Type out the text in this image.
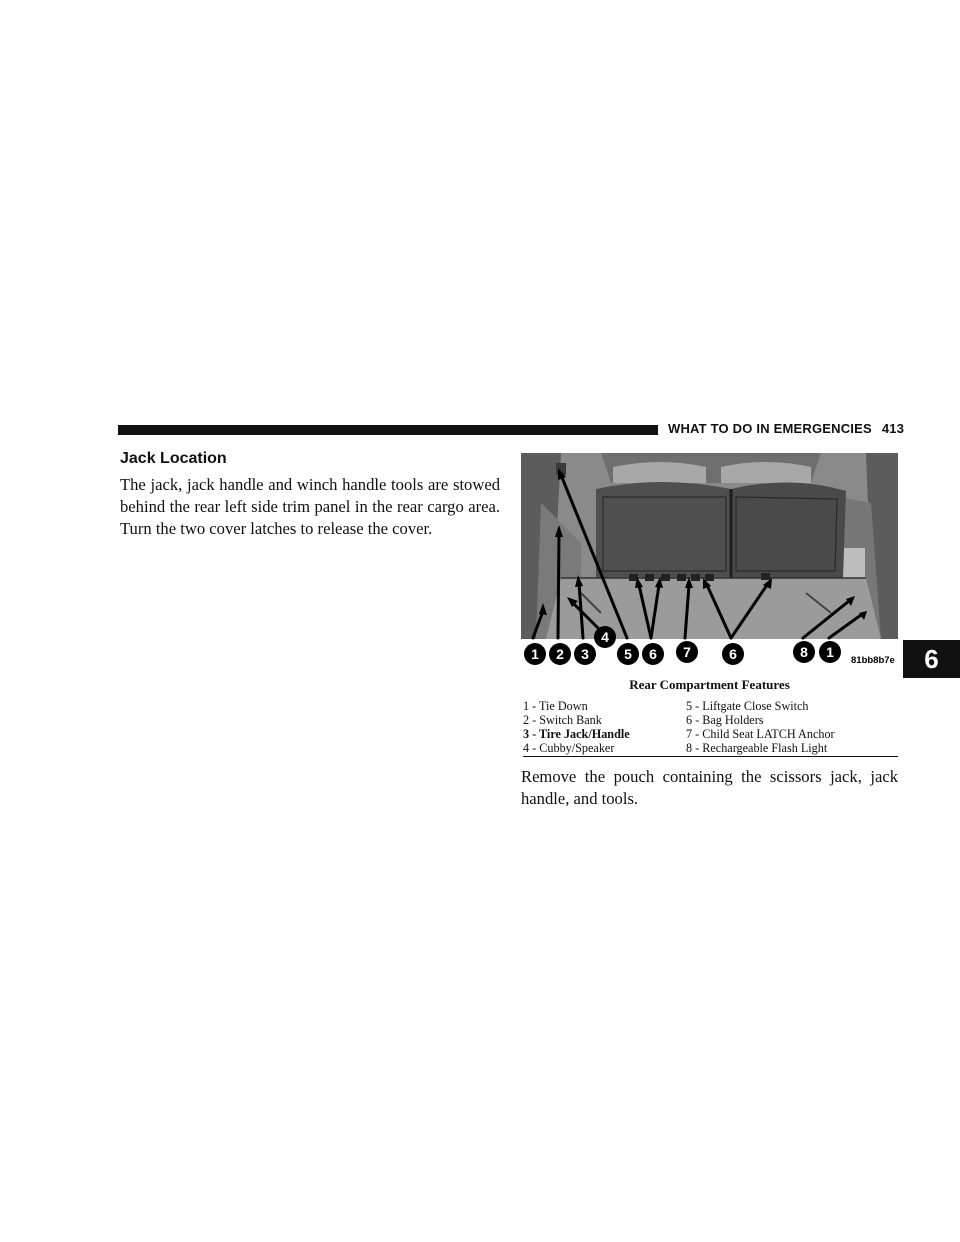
WHAT TO DO IN EMERGENCIES 413
Jack Location

The jack, jack handle and winch handle tools are stowed behind the rear left side trim panel in the rear cargo area. Turn the two cover latches to release the cover.

1 2 3
4
5 6 7	6	8 1
81bb8b7e
Rear Compartment Features
1 - Tie Down	5 - Liftgate Close Switch
2 - Switch Bank	6 - Bag Holders
3 - Tire Jack/Handle	7 - Child Seat LATCH Anchor
4 - Cubby/Speaker	8 - Rechargeable Flash Light

Remove the pouch containing the scissors jack, jack handle, and tools.

6
